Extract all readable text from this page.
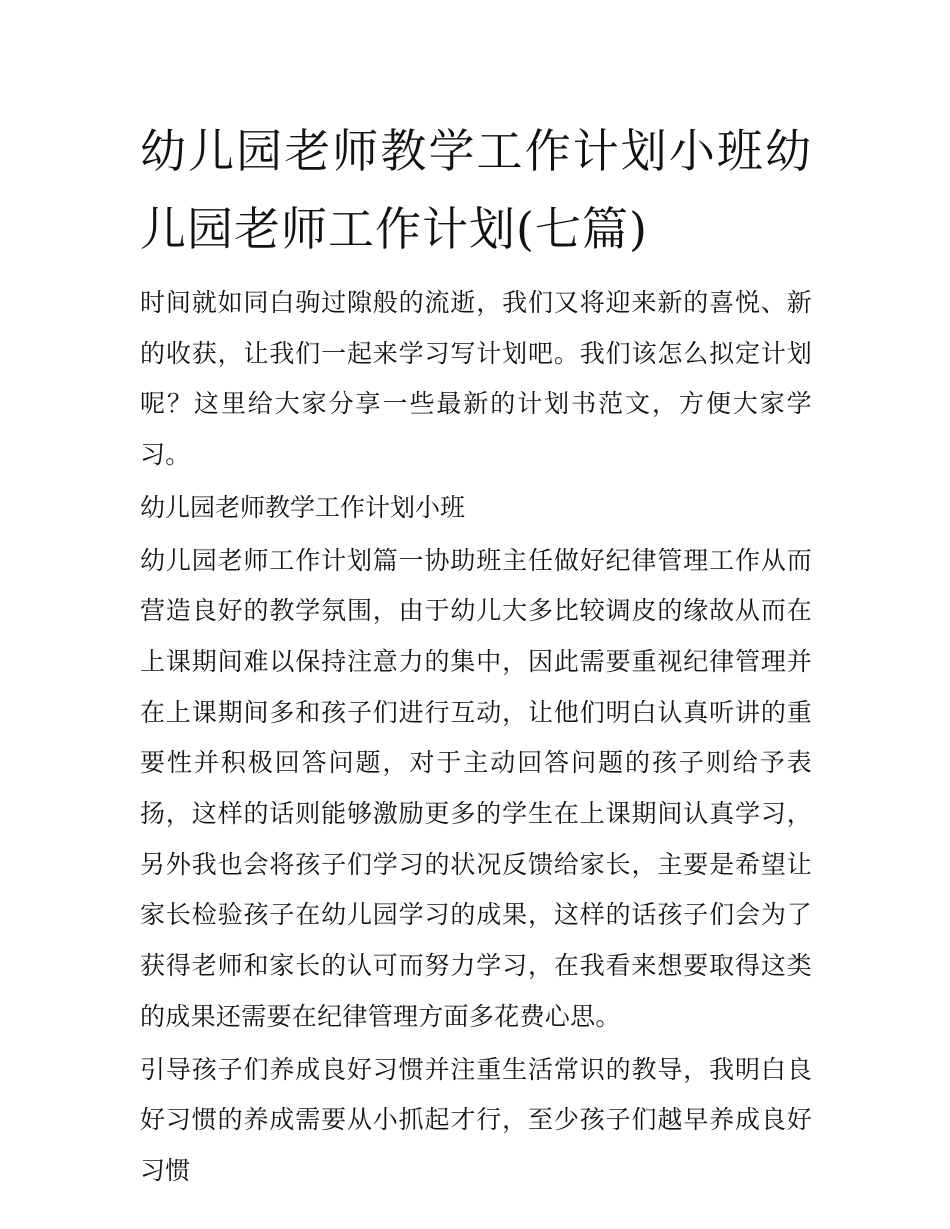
幼儿园老师教学工作计划小班幼儿园老师工作计划(七篇)

时间就如同白驹过隙般的流逝，我们又将迎来新的喜悦、新的收获，让我们一起来学习写计划吧。我们该怎么拟定计划呢？这里给大家分享一些最新的计划书范文，方便大家学习。

幼儿园老师教学工作计划小班

幼儿园老师工作计划篇一协助班主任做好纪律管理工作从而营造良好的教学氛围，由于幼儿大多比较调皮的缘故从而在上课期间难以保持注意力的集中，因此需要重视纪律管理并在上课期间多和孩子们进行互动，让他们明白认真听讲的重要性并积极回答问题，对于主动回答问题的孩子则给予表扬，这样的话则能够激励更多的学生在上课期间认真学习，另外我也会将孩子们学习的状况反馈给家长，主要是希望让家长检验孩子在幼儿园学习的成果，这样的话孩子们会为了获得老师和家长的认可而努力学习，在我看来想要取得这类的成果还需要在纪律管理方面多花费心思。

引导孩子们养成良好习惯并注重生活常识的教导，我明白良好习惯的养成需要从小抓起才行，至少孩子们越早养成良好习惯
